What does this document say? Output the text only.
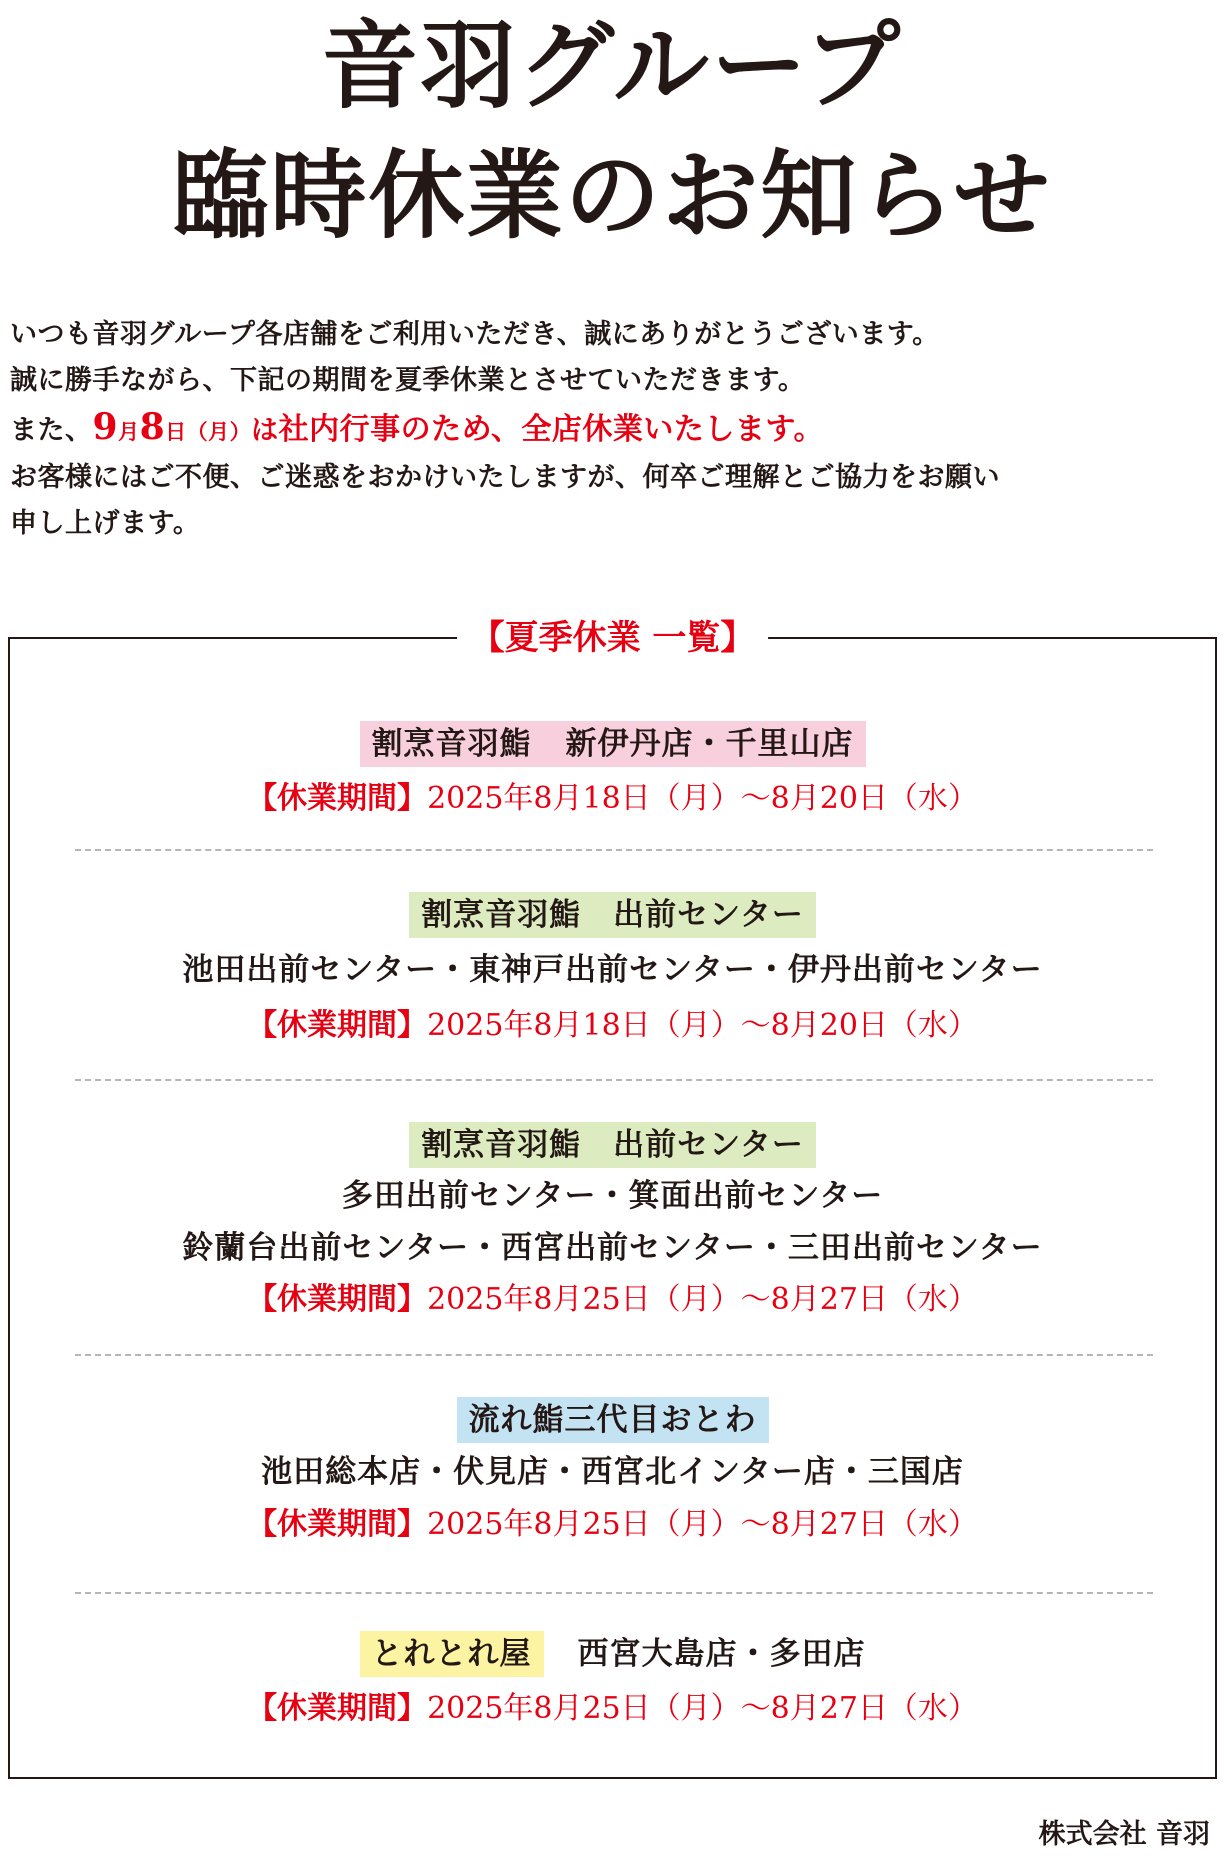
音羽グループ
臨時休業のお知らせ

いつも音羽グループ各店舗をご利用いただき、誠にありがとうございます。

誠に勝手ながら、下記の期間を夏季休業とさせていただきます。

また、9月8日（月）は社内行事のため、全店休業いたします。

お客様にはご不便、ご迷惑をおかけいたしますが、何卒ご理解とご協力をお願い

申し上げます。

【夏季休業 一覧】
割烹音羽鮨 新伊丹店・千里山店
【休業期間】2025年8月18日（月）～8月20日（水）
割烹音羽鮨　出前センター
池田出前センター・東神戸出前センター・伊丹出前センター
【休業期間】2025年8月18日（月）～8月20日（水）
割烹音羽鮨　出前センター
多田出前センター・箕面出前センター
鈴蘭台出前センター・西宮出前センター・三田出前センター
【休業期間】2025年8月25日（月）～8月27日（水）
流れ鮨三代目おとわ
池田総本店・伏見店・西宮北インター店・三国店
【休業期間】2025年8月25日（月）～8月27日（水）
とれとれ屋 西宮大島店・多田店
【休業期間】2025年8月25日（月）～8月27日（水）
株式会社 音羽
